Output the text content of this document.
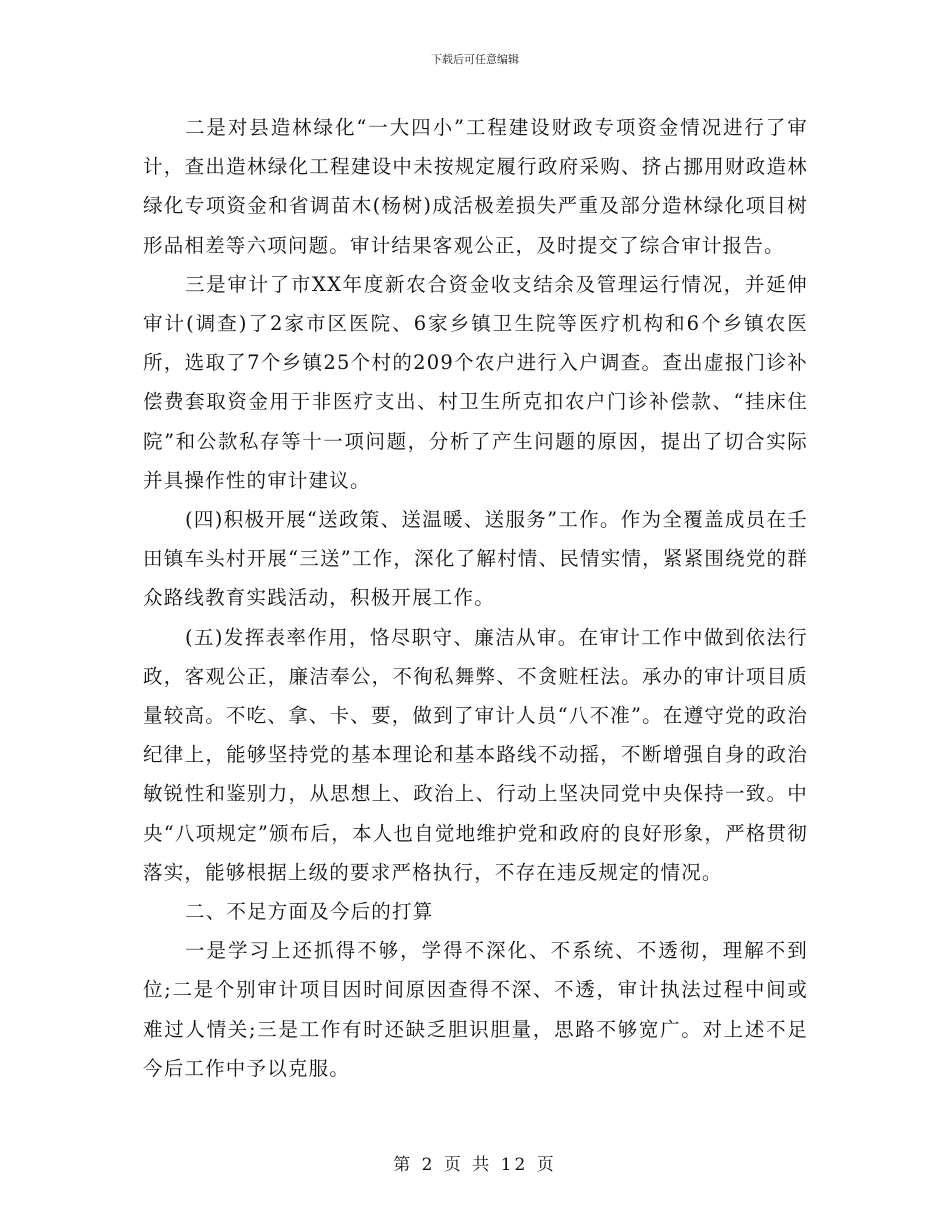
下载后可任意编辑

二是对县造林绿化“一大四小”工程建设财政专项资金情况进行了审计，查出造林绿化工程建设中未按规定履行政府采购、挤占挪用财政造林绿化专项资金和省调苗木(杨树)成活极差损失严重及部分造林绿化项目树形品相差等六项问题。审计结果客观公正，及时提交了综合审计报告。

三是审计了市XX年度新农合资金收支结余及管理运行情况，并延伸审计(调查)了2家市区医院、6家乡镇卫生院等医疗机构和6个乡镇农医所，选取了7个乡镇25个村的209个农户进行入户调查。查出虚报门诊补偿费套取资金用于非医疗支出、村卫生所克扣农户门诊补偿款、“挂床住院”和公款私存等十一项问题，分析了产生问题的原因，提出了切合实际并具操作性的审计建议。

(四)积极开展“送政策、送温暖、送服务”工作。作为全覆盖成员在壬田镇车头村开展“三送”工作，深化了解村情、民情实情，紧紧围绕党的群众路线教育实践活动，积极开展工作。

(五)发挥表率作用，恪尽职守、廉洁从审。在审计工作中做到依法行政，客观公正，廉洁奉公，不徇私舞弊、不贪赃枉法。承办的审计项目质量较高。不吃、拿、卡、要，做到了审计人员“八不准”。在遵守党的政治纪律上，能够坚持党的基本理论和基本路线不动摇，不断增强自身的政治敏锐性和鉴别力，从思想上、政治上、行动上坚决同党中央保持一致。中央“八项规定”颁布后，本人也自觉地维护党和政府的良好形象，严格贯彻落实，能够根据上级的要求严格执行，不存在违反规定的情况。

二、不足方面及今后的打算

一是学习上还抓得不够，学得不深化、不系统、不透彻，理解不到位;二是个别审计项目因时间原因查得不深、不透，审计执法过程中间或难过人情关;三是工作有时还缺乏胆识胆量，思路不够宽广。对上述不足今后工作中予以克服。

第 2 页 共 12 页
